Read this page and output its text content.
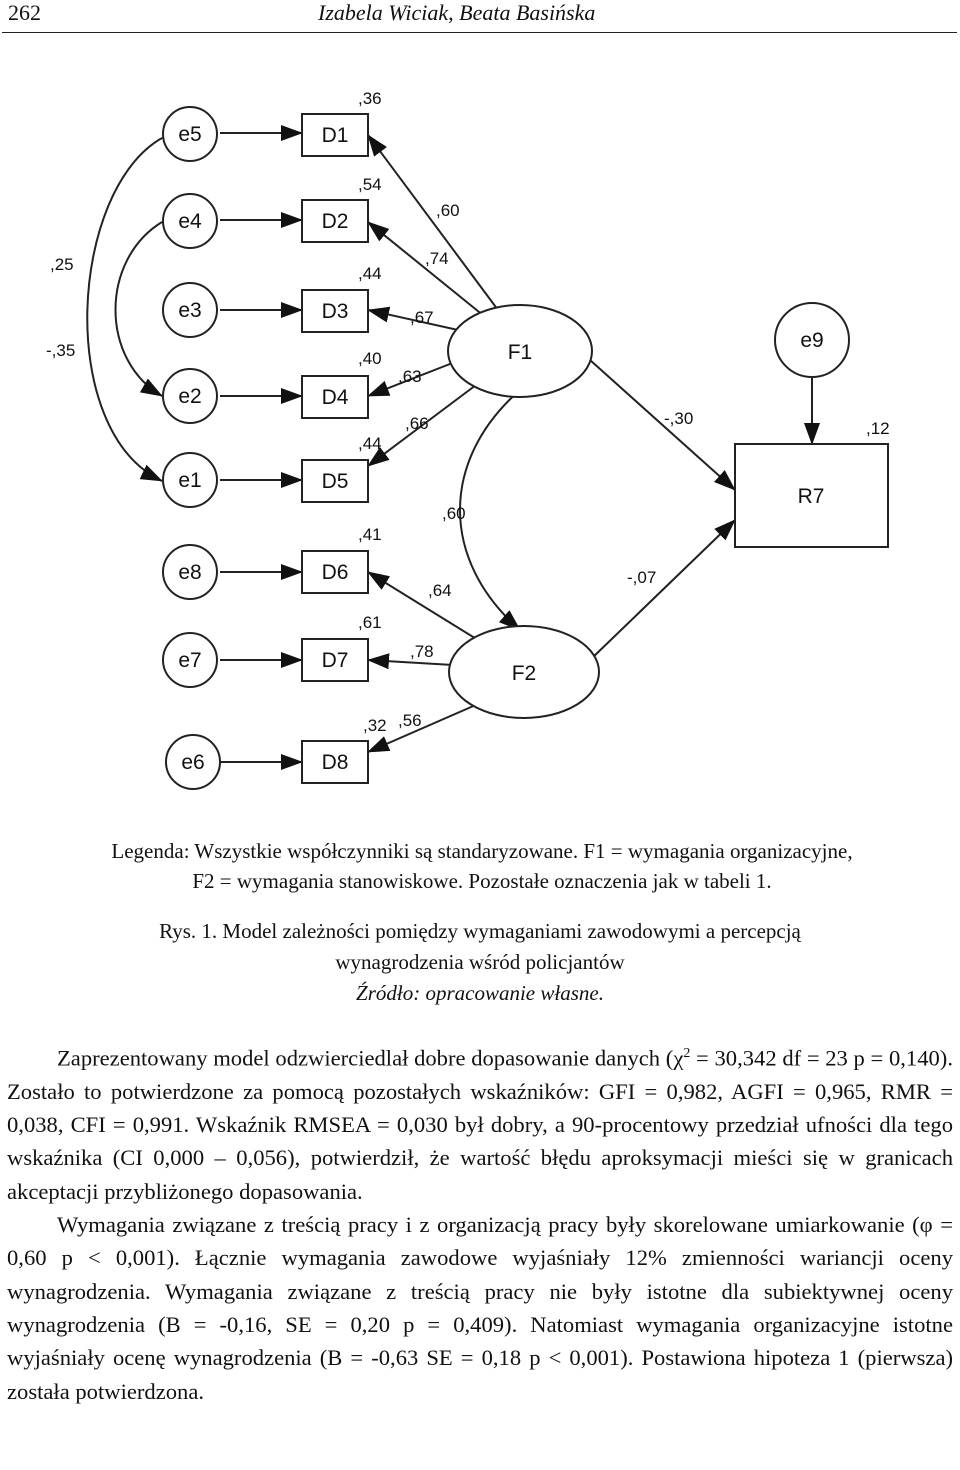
262	Izabela Wiciak, Beata Basińska
e5
e4
e3
e2
e1
e8
e7
e6
e9
D1
D2
D3
D4
D5
D6
D7
D8
F1
F2
R7
,36
,54
,44
,40
,44
,41
,61
,32
,12
,60
,74
,67
,63
,66
,64
,78
,56
-,30
-,07
,60
,25
-,35
Legenda: Wszystkie współczynniki są standaryzowane. F1 = wymagania organizacyjne,
F2 = wymagania stanowiskowe. Pozostałe oznaczenia jak w tabeli 1.
Rys. 1. Model zależności pomiędzy wymaganiami zawodowymi a percepcją
wynagrodzenia wśród policjantów
Źródło: opracowanie własne.

Zaprezentowany model odzwierciedlał dobre dopasowanie danych ($\chi^2 = 30,342$ df = 23 p = 0,140). Zostało to potwierdzone za pomocą pozostałych wskaźników: GFI = 0,982, AGFI = 0,965, RMR = 0,038, CFI = 0,991. Wskaźnik RMSEA = 0,030 był dobry, a 90-procentowy przedział ufności dla tego wskaźnika (CI 0,000 – 0,056), potwierdził, że wartość błędu aproksymacji mieści się w granicach akceptacji przybliżonego dopasowania.

Wymagania związane z treścią pracy i z organizacją pracy były skorelowane umiarkowanie (φ = 0,60 p < 0,001). Łącznie wymagania zawodowe wyjaśniały 12% zmienności wariancji oceny wynagrodzenia. Wymagania związane z treścią pracy nie były istotne dla subiektywnej oceny wynagrodzenia (B = -0,16, SE = 0,20 p = 0,409). Natomiast wymagania organizacyjne istotne wyjaśniały ocenę wynagrodzenia (B = -0,63 SE = 0,18 p < 0,001). Postawiona hipoteza 1 (pierwsza) została potwierdzona.
